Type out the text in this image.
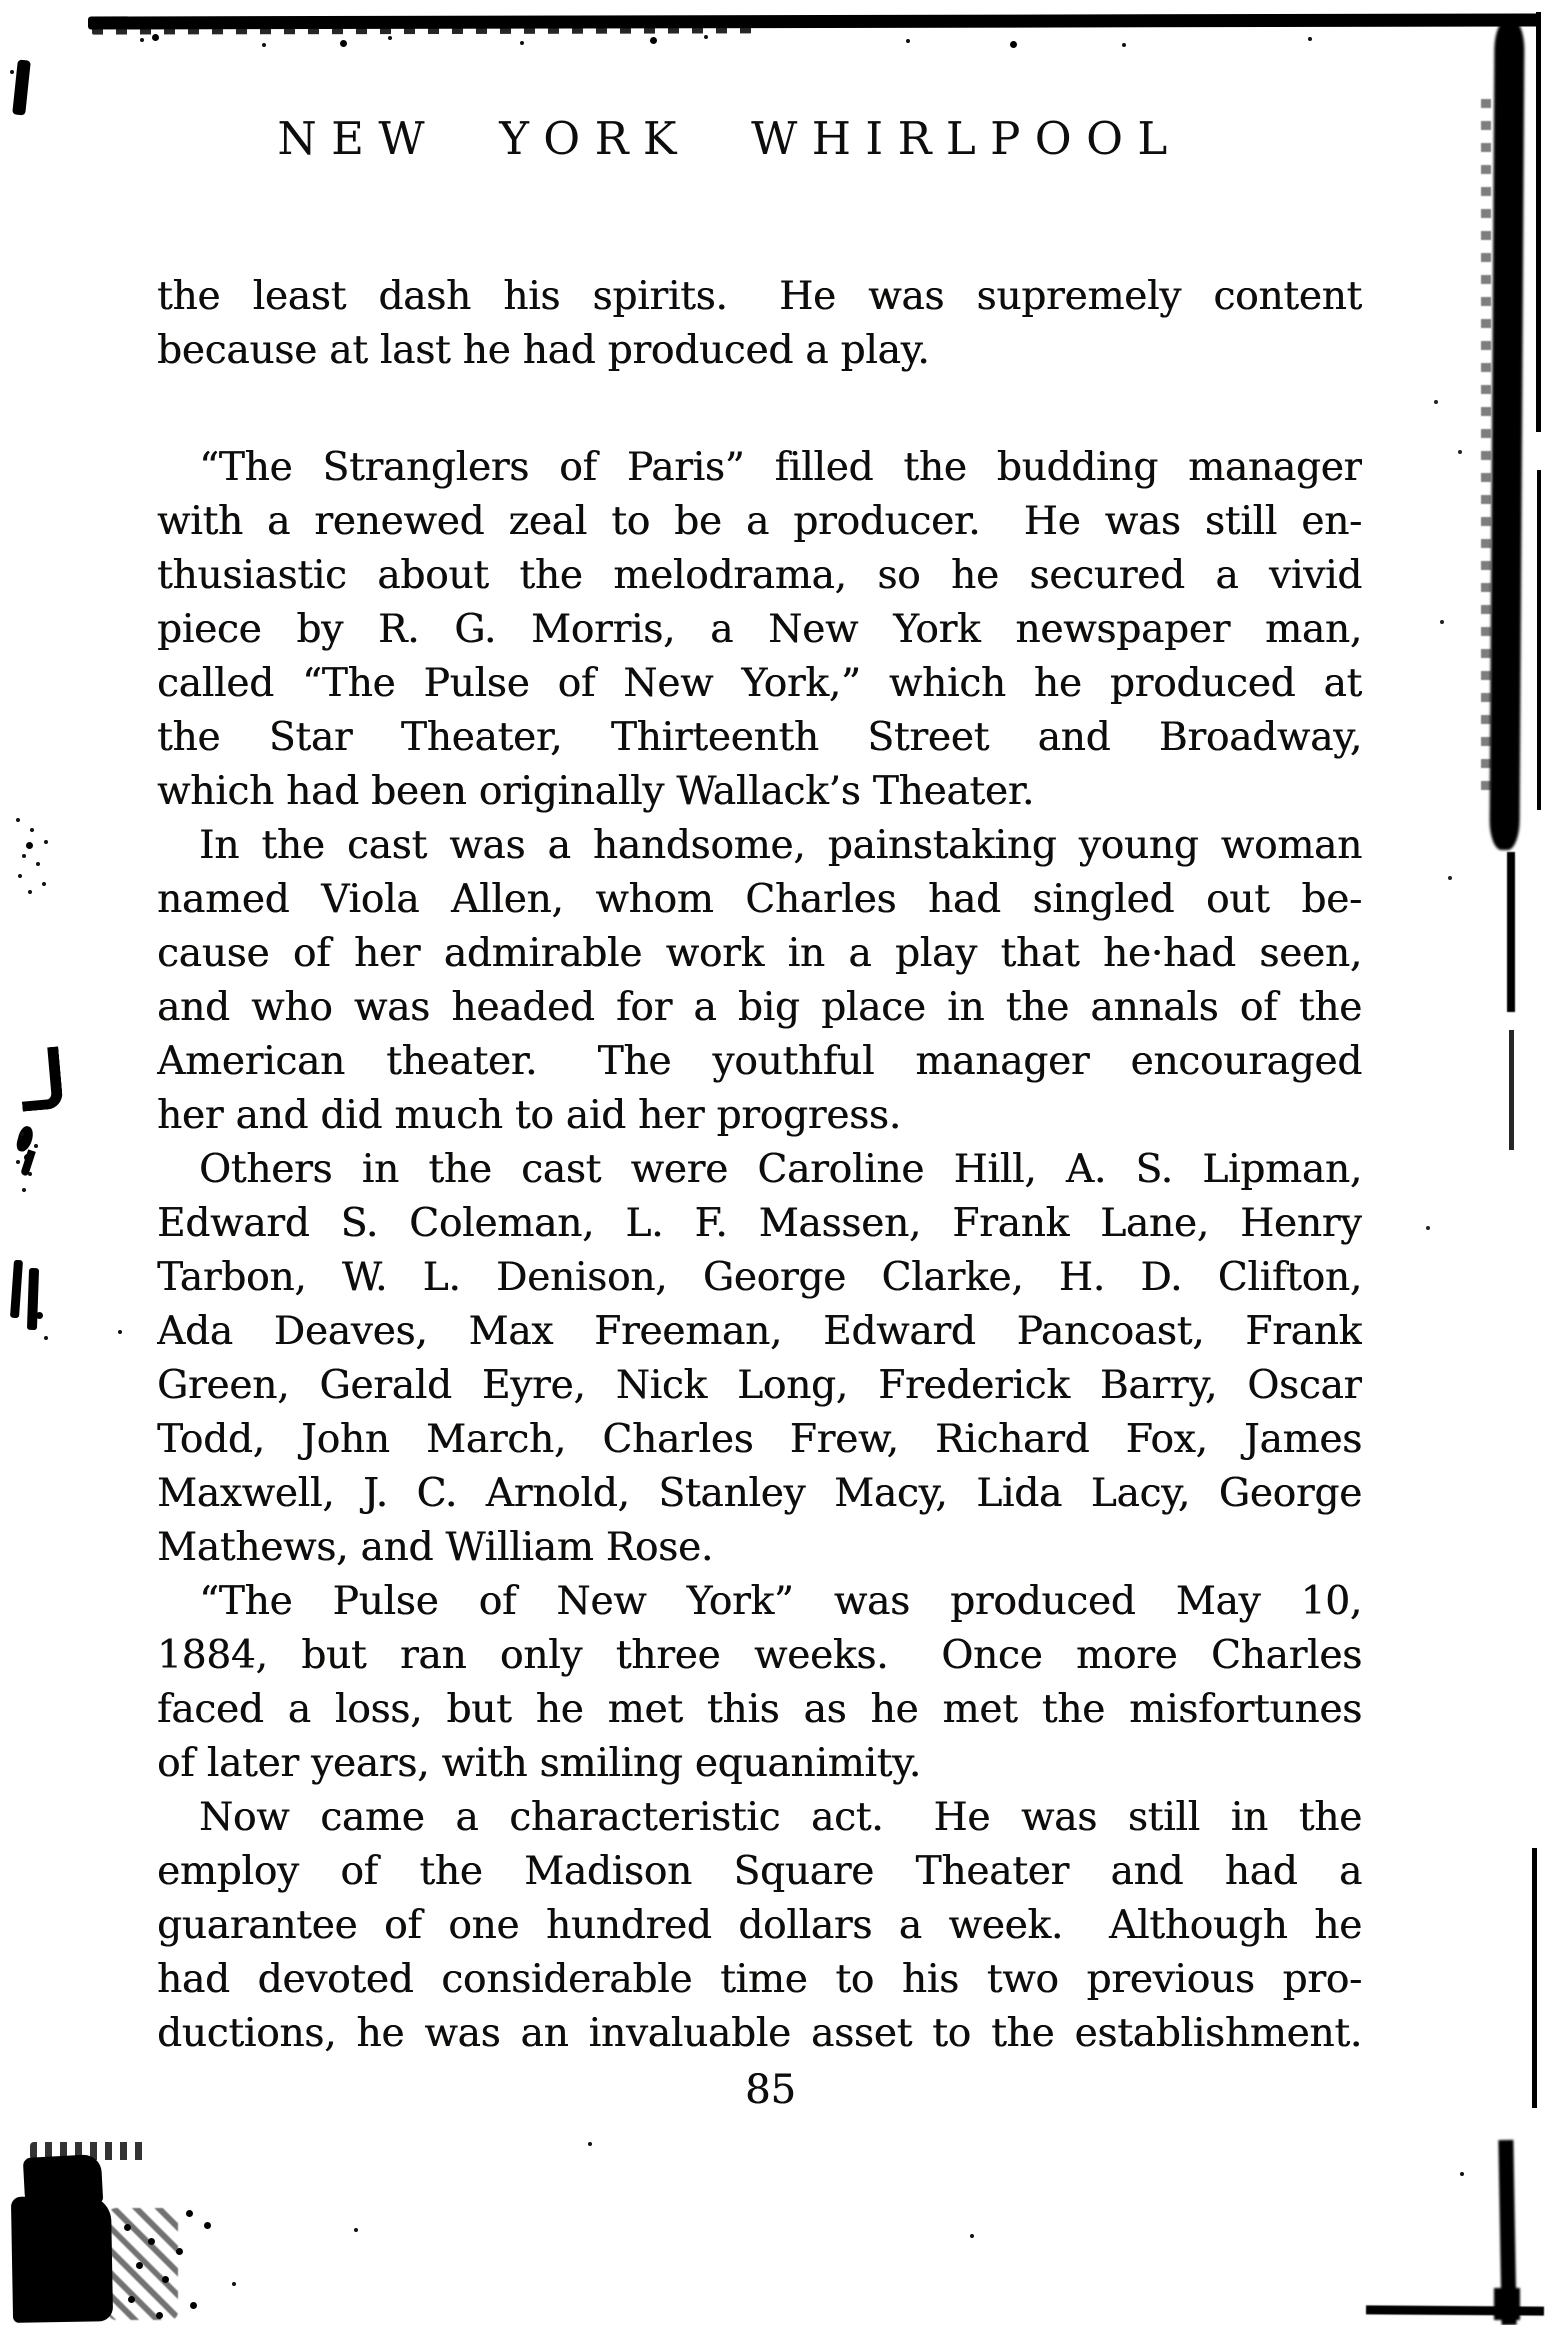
NEW YORK WHIRLPOOL
the least dash his spirits.  He was supremely content
because at last he had produced a play.
“The Stranglers of Paris” filled the budding manager
with a renewed zeal to be a producer.  He was still en-
thusiastic about the melodrama, so he secured a vivid
piece by R. G. Morris, a New York newspaper man,
called “The Pulse of New York,” which he produced at
the Star Theater, Thirteenth Street and Broadway,
which had been originally Wallack’s Theater.
In the cast was a handsome, painstaking young woman
named Viola Allen, whom Charles had singled out be-
cause of her admirable work in a play that he·had seen,
and who was headed for a big place in the annals of the
American theater.  The youthful manager encouraged
her and did much to aid her progress.
Others in the cast were Caroline Hill, A. S. Lipman,
Edward S. Coleman, L. F. Massen, Frank Lane, Henry
Tarbon, W. L. Denison, George Clarke, H. D. Clifton,
Ada Deaves, Max Freeman, Edward Pancoast, Frank
Green, Gerald Eyre, Nick Long, Frederick Barry, Oscar
Todd, John March, Charles Frew, Richard Fox, James
Maxwell, J. C. Arnold, Stanley Macy, Lida Lacy, George
Mathews, and William Rose.
“The Pulse of New York” was produced May 10,
1884, but ran only three weeks.  Once more Charles
faced a loss, but he met this as he met the misfortunes
of later years, with smiling equanimity.
Now came a characteristic act.  He was still in the
employ of the Madison Square Theater and had a
guarantee of one hundred dollars a week.  Although he
had devoted considerable time to his two previous pro-
ductions, he was an invaluable asset to the establishment.
85
